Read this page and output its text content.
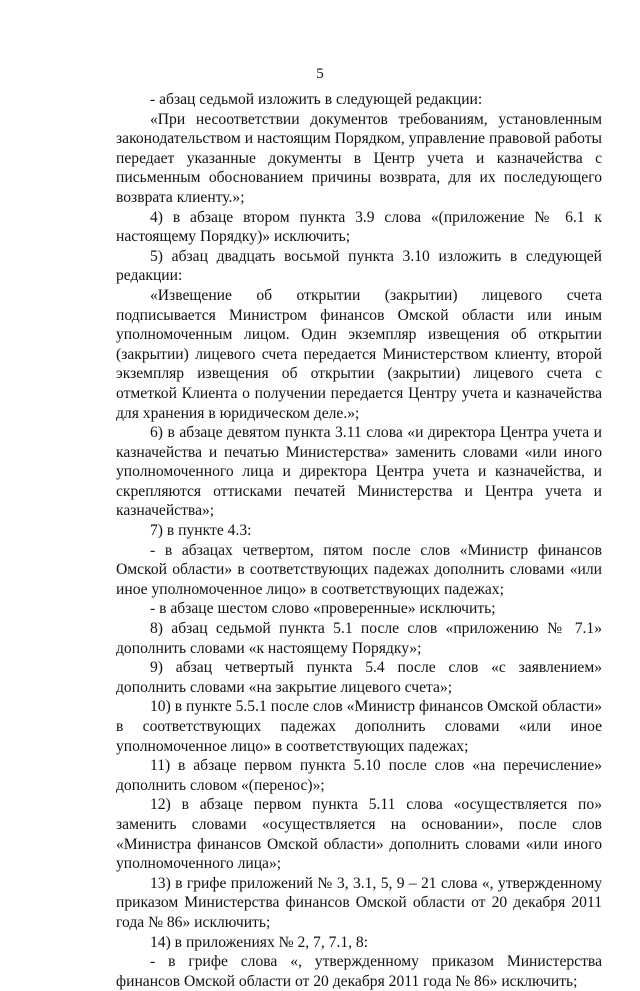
5

- абзац седьмой изложить в следующей редакции:

«При несоответствии документов требованиям, установленным законодательством и настоящим Порядком, управление правовой работы передает указанные документы в Центр учета и казначейства с письменным обоснованием причины возврата, для их последующего возврата клиенту.»;

4) в абзаце втором пункта 3.9 слова «(приложение № 6.1 к настоящему Порядку)» исключить;

5) абзац двадцать восьмой пункта 3.10 изложить в следующей редакции:

«Извещение об открытии (закрытии) лицевого счета подписывается Министром финансов Омской области или иным уполномоченным лицом. Один экземпляр извещения об открытии (закрытии) лицевого счета передается Министерством клиенту, второй экземпляр извещения об открытии (закрытии) лицевого счета с отметкой Клиента о получении передается Центру учета и казначейства для хранения в юридическом деле.»;

6) в абзаце девятом пункта 3.11 слова «и директора Центра учета и казначейства и печатью Министерства» заменить словами «или иного уполномоченного лица и директора Центра учета и казначейства, и скрепляются оттисками печатей Министерства и Центра учета и казначейства»;

7) в пункте 4.3:

- в абзацах четвертом, пятом после слов «Министр финансов Омской области» в соответствующих падежах дополнить словами «или иное уполномоченное лицо» в соответствующих падежах;

- в абзаце шестом слово «проверенные» исключить;

8) абзац седьмой пункта 5.1 после слов «приложению № 7.1» дополнить словами «к настоящему Порядку»;

9) абзац четвертый пункта 5.4 после слов «с заявлением» дополнить словами «на закрытие лицевого счета»;

10) в пункте 5.5.1 после слов «Министр финансов Омской области» в соответствующих падежах дополнить словами «или иное уполномоченное лицо» в соответствующих падежах;

11) в абзаце первом пункта 5.10 после слов «на перечисление» дополнить словом «(перенос)»;

12) в абзаце первом пункта 5.11 слова «осуществляется по» заменить словами «осуществляется на основании», после слов «Министра финансов Омской области» дополнить словами «или иного уполномоченного лица»;

13) в грифе приложений № 3, 3.1, 5, 9 – 21 слова «, утвержденному приказом Министерства финансов Омской области от 20 декабря 2011 года № 86» исключить;

14) в приложениях № 2, 7, 7.1, 8:

- в грифе слова «, утвержденному приказом Министерства финансов Омской области от 20 декабря 2011 года № 86» исключить;
